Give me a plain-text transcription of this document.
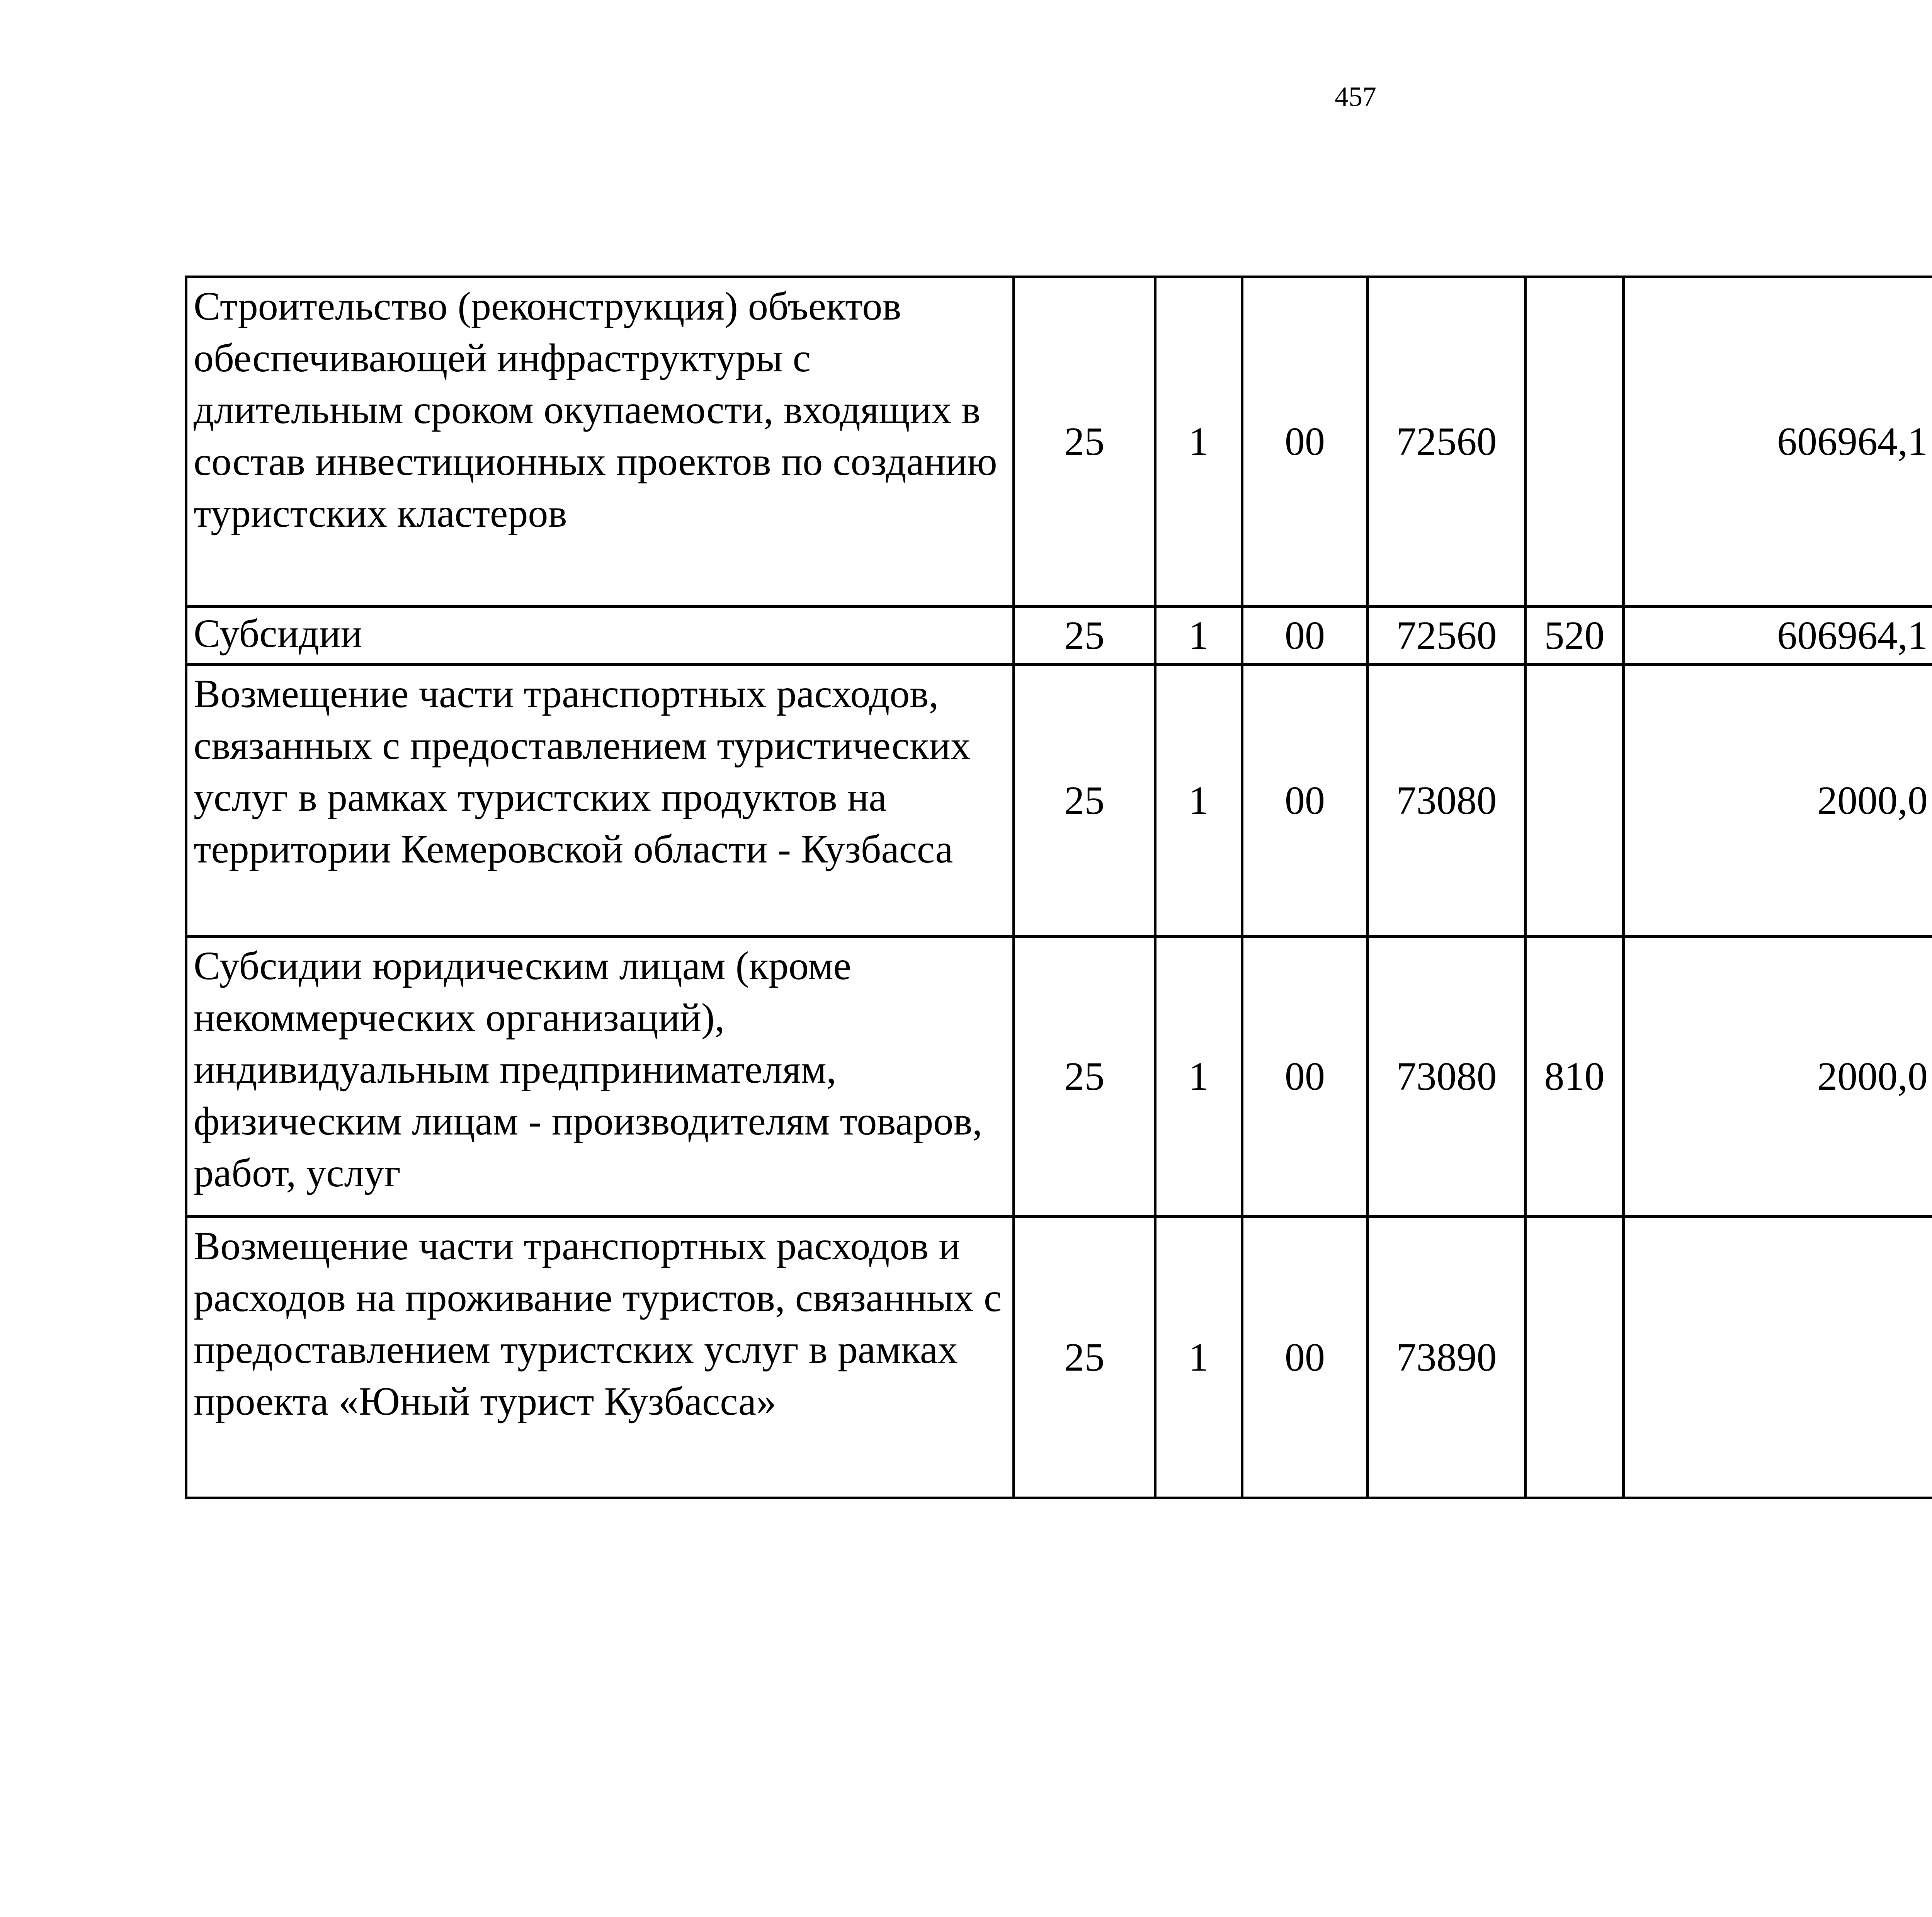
457
Строительство (реконструкция) объектов обеспечивающей инфраструктуры с длительным сроком окупаемости, входящих в состав инвестиционных проектов по созданию туристских кластеров	25	1	00	72560		606964,1		
Субсидии	25	1	00	72560	520	606964,1		
Возмещение части транспортных расходов, связанных с предоставлением туристических услуг в рамках туристских продуктов на территории Кемеровской области - Кузбасса	25	1	00	73080		2000,0		
Субсидии юридическим лицам (кроме некоммерческих организаций), индивидуальным предпринимателям, физическим лицам - производителям товаров, работ, услуг	25	1	00	73080	810	2000,0		
Возмещение части транспортных расходов и расходов на проживание туристов, связанных с предоставлением туристских услуг в рамках проекта «Юный турист Кузбасса»	25	1	00	73890				
